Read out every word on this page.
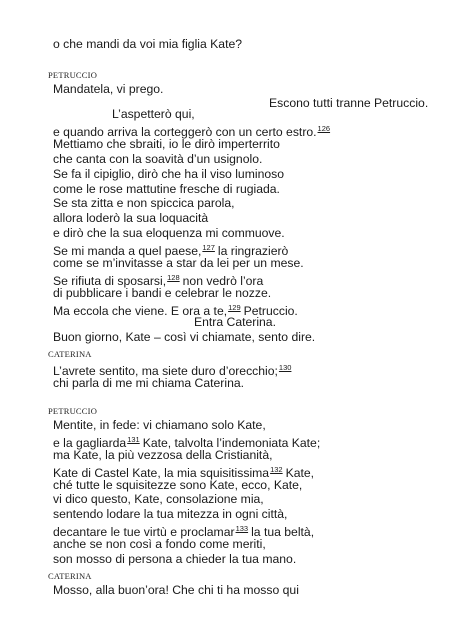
o che mandi da voi mia figlia Kate?
PETRUCCIO
Mandatela, vi prego.
Escono tutti tranne Petruccio.
L’aspetterò qui,
e quando arriva la corteggerò con un certo estro.$^{126}$
Mettiamo che sbraiti, io le dirò imperterrito
che canta con la soavità d’un usignolo.
Se fa il cipiglio, dirò che ha il viso luminoso
come le rose mattutine fresche di rugiada.
Se sta zitta e non spiccica parola,
allora loderò la sua loquacità
e dirò che la sua eloquenza mi commuove.
Se mi manda a quel paese,$^{127}$ la ringrazierò
come se m’invitasse a star da lei per un mese.
Se rifiuta di sposarsi,$^{128}$ non vedrò l’ora
di pubblicare i bandi e celebrar le nozze.
Ma eccola che viene. E ora a te,$^{129}$ Petruccio.
Entra Caterina.
Buon giorno, Kate – così vi chiamate, sento dire.
CATERINA
L’avrete sentito, ma siete duro d’orecchio;$^{130}$
chi parla di me mi chiama Caterina.
PETRUCCIO
Mentite, in fede: vi chiamano solo Kate,
e la gagliarda$^{131}$ Kate, talvolta l’indemoniata Kate;
ma Kate, la più vezzosa della Cristianità,
Kate di Castel Kate, la mia squisitissima$^{132}$ Kate,
ché tutte le squisitezze sono Kate, ecco, Kate,
vi dico questo, Kate, consolazione mia,
sentendo lodare la tua mitezza in ogni città,
decantare le tue virtù e proclamar$^{133}$ la tua beltà,
anche se non così a fondo come meriti,
son mosso di persona a chieder la tua mano.
CATERINA
Mosso, alla buon’ora! Che chi ti ha mosso qui
